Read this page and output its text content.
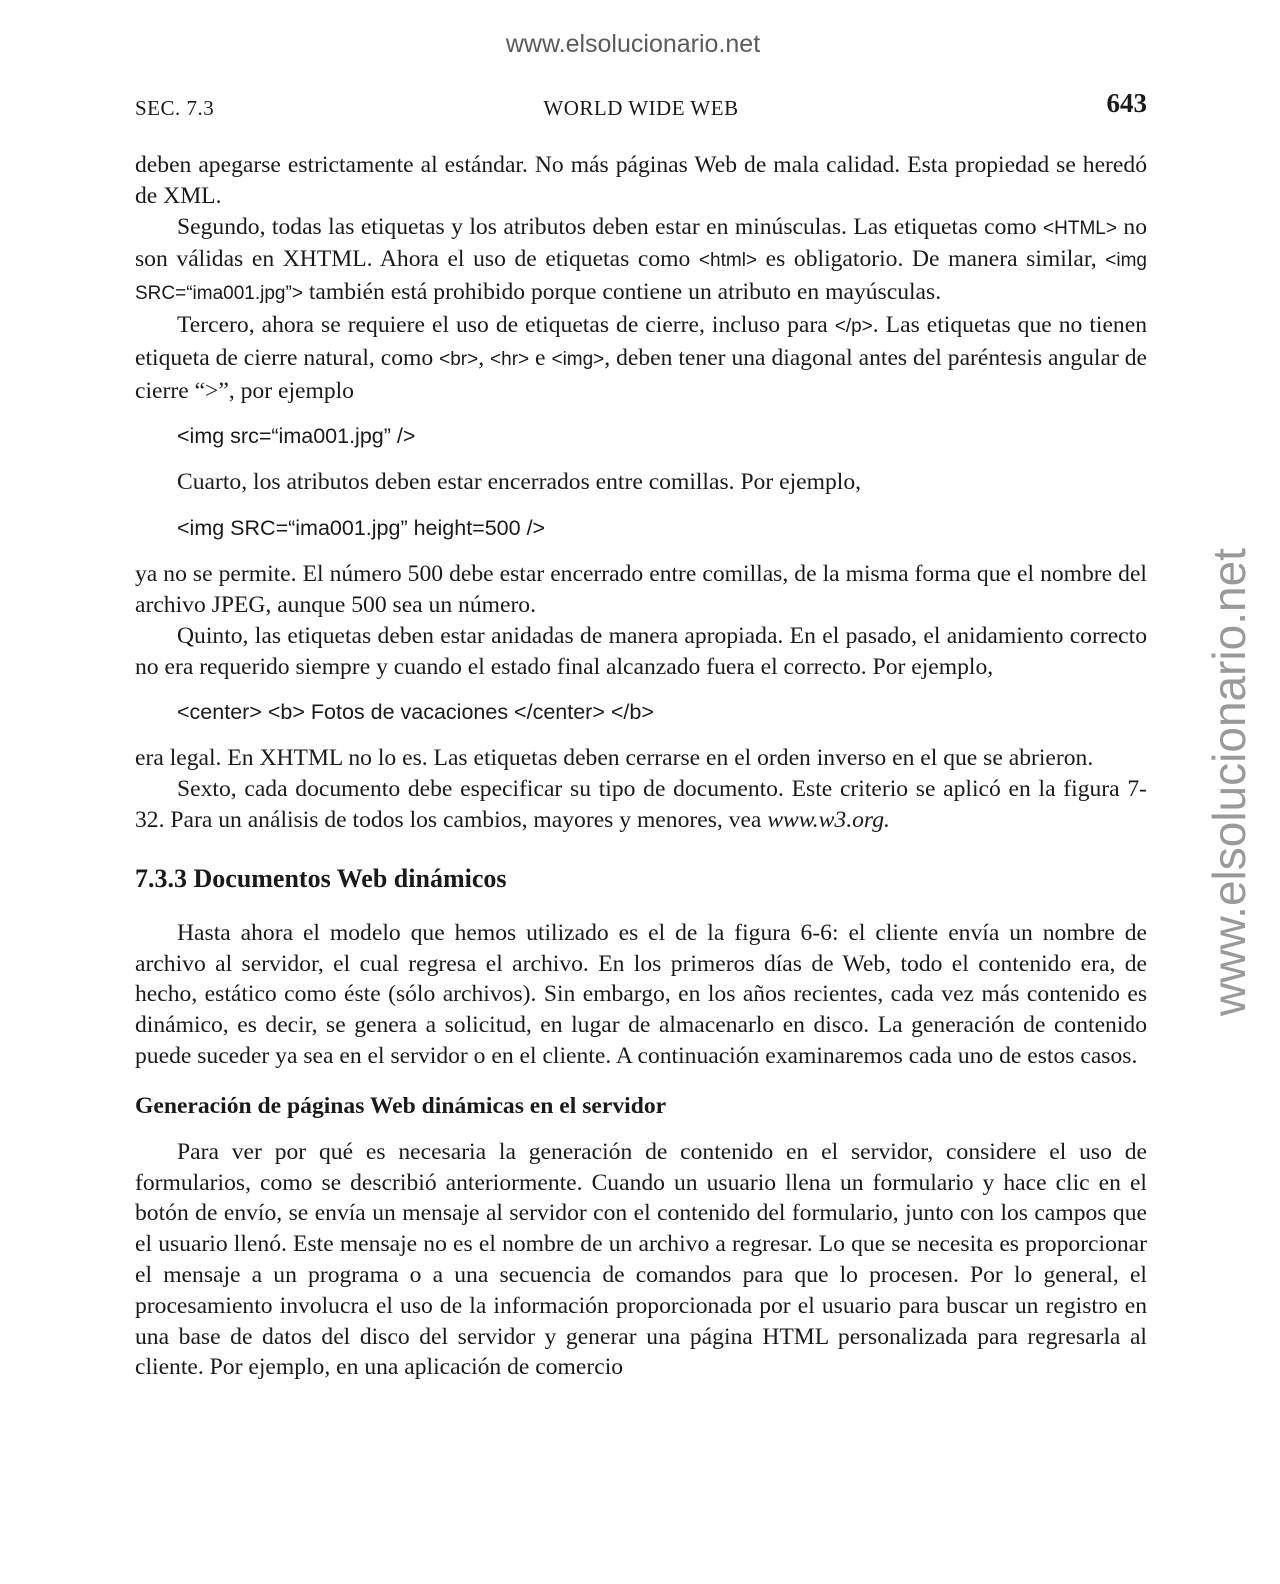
www.elsolucionario.net
www.elsolucionario.net
SEC. 7.3	WORLD WIDE WEB	643

deben apegarse estrictamente al estándar. No más páginas Web de mala calidad. Esta propiedad se heredó de XML.

Segundo, todas las etiquetas y los atributos deben estar en minúsculas. Las etiquetas como <HTML> no son válidas en XHTML. Ahora el uso de etiquetas como <html> es obligatorio. De manera similar, <img SRC=“ima001.jpg”> también está prohibido porque contiene un atributo en mayúsculas.

Tercero, ahora se requiere el uso de etiquetas de cierre, incluso para </p>. Las etiquetas que no tienen etiqueta de cierre natural, como <br>, <hr> e <img>, deben tener una diagonal antes del paréntesis angular de cierre “>”, por ejemplo

<img src=“ima001.jpg” />

Cuarto, los atributos deben estar encerrados entre comillas. Por ejemplo,

<img SRC=“ima001.jpg” height=500 />

ya no se permite. El número 500 debe estar encerrado entre comillas, de la misma forma que el nombre del archivo JPEG, aunque 500 sea un número.

Quinto, las etiquetas deben estar anidadas de manera apropiada. En el pasado, el anidamiento correcto no era requerido siempre y cuando el estado final alcanzado fuera el correcto. Por ejemplo,

<center> <b> Fotos de vacaciones </center> </b>

era legal. En XHTML no lo es. Las etiquetas deben cerrarse en el orden inverso en el que se abrieron.

Sexto, cada documento debe especificar su tipo de documento. Este criterio se aplicó en la figura 7-32. Para un análisis de todos los cambios, mayores y menores, vea www.w3.org.

7.3.3 Documentos Web dinámicos

Hasta ahora el modelo que hemos utilizado es el de la figura 6-6: el cliente envía un nombre de archivo al servidor, el cual regresa el archivo. En los primeros días de Web, todo el contenido era, de hecho, estático como éste (sólo archivos). Sin embargo, en los años recientes, cada vez más contenido es dinámico, es decir, se genera a solicitud, en lugar de almacenarlo en disco. La generación de contenido puede suceder ya sea en el servidor o en el cliente. A continuación examinaremos cada uno de estos casos.

Generación de páginas Web dinámicas en el servidor

Para ver por qué es necesaria la generación de contenido en el servidor, considere el uso de formularios, como se describió anteriormente. Cuando un usuario llena un formulario y hace clic en el botón de envío, se envía un mensaje al servidor con el contenido del formulario, junto con los campos que el usuario llenó. Este mensaje no es el nombre de un archivo a regresar. Lo que se necesita es proporcionar el mensaje a un programa o a una secuencia de comandos para que lo procesen. Por lo general, el procesamiento involucra el uso de la información proporcionada por el usuario para buscar un registro en una base de datos del disco del servidor y generar una página HTML personalizada para regresarla al cliente. Por ejemplo, en una aplicación de comercio
